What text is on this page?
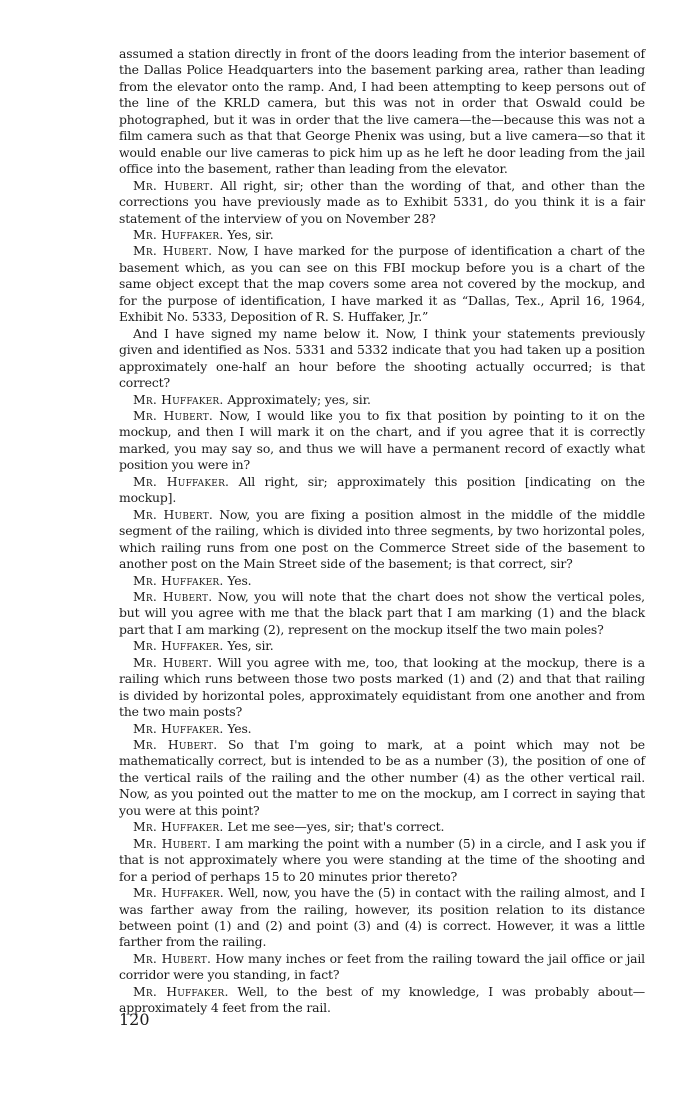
assumed a station directly in front of the doors leading from the interior basement of the Dallas Police Headquarters into the basement parking area, rather than leading from the elevator onto the ramp. And, I had been attempting to keep persons out of the line of the KRLD camera, but this was not in order that Oswald could be photographed, but it was in order that the live camera—the—because this was not a film camera such as that that George Phenix was using, but a live camera—so that it would enable our live cameras to pick him up as he left he door leading from the jail office into the basement, rather than leading from the elevator.

Mr. Hubert. All right, sir; other than the wording of that, and other than the corrections you have previously made as to Exhibit 5331, do you think it is a fair statement of the interview of you on November 28?

Mr. Huffaker. Yes, sir.

Mr. Hubert. Now, I have marked for the purpose of identification a chart of the basement which, as you can see on this FBI mockup before you is a chart of the same object except that the map covers some area not covered by the mockup, and for the purpose of identification, I have marked it as “Dallas, Tex., April 16, 1964, Exhibit No. 5333, Deposition of R. S. Huffaker, Jr.”

And I have signed my name below it. Now, I think your statements previously given and identified as Nos. 5331 and 5332 indicate that you had taken up a position approximately one-half an hour before the shooting actually occurred; is that correct?

Mr. Huffaker. Approximately; yes, sir.

Mr. Hubert. Now, I would like you to fix that position by pointing to it on the mockup, and then I will mark it on the chart, and if you agree that it is correctly marked, you may say so, and thus we will have a permanent record of exactly what position you were in?

Mr. Huffaker. All right, sir; approximately this position [indicating on the mockup].

Mr. Hubert. Now, you are fixing a position almost in the middle of the middle segment of the railing, which is divided into three segments, by two horizontal poles, which railing runs from one post on the Commerce Street side of the basement to another post on the Main Street side of the basement; is that correct, sir?

Mr. Huffaker. Yes.

Mr. Hubert. Now, you will note that the chart does not show the vertical poles, but will you agree with me that the black part that I am marking (1) and the black part that I am marking (2), represent on the mockup itself the two main poles?

Mr. Huffaker. Yes, sir.

Mr. Hubert. Will you agree with me, too, that looking at the mockup, there is a railing which runs between those two posts marked (1) and (2) and that that railing is divided by horizontal poles, approximately equidistant from one another and from the two main posts?

Mr. Huffaker. Yes.

Mr. Hubert. So that I'm going to mark, at a point which may not be mathematically correct, but is intended to be as a number (3), the position of one of the vertical rails of the railing and the other number (4) as the other vertical rail. Now, as you pointed out the matter to me on the mockup, am I correct in saying that you were at this point?

Mr. Huffaker. Let me see—yes, sir; that's correct.

Mr. Hubert. I am marking the point with a number (5) in a circle, and I ask you if that is not approximately where you were standing at the time of the shooting and for a period of perhaps 15 to 20 minutes prior thereto?

Mr. Huffaker. Well, now, you have the (5) in contact with the railing almost, and I was farther away from the railing, however, its position relation to its distance between point (1) and (2) and point (3) and (4) is correct. However, it was a little farther from the railing.

Mr. Hubert. How many inches or feet from the railing toward the jail office or jail corridor were you standing, in fact?

Mr. Huffaker. Well, to the best of my knowledge, I was probably about—approximately 4 feet from the rail.

120
